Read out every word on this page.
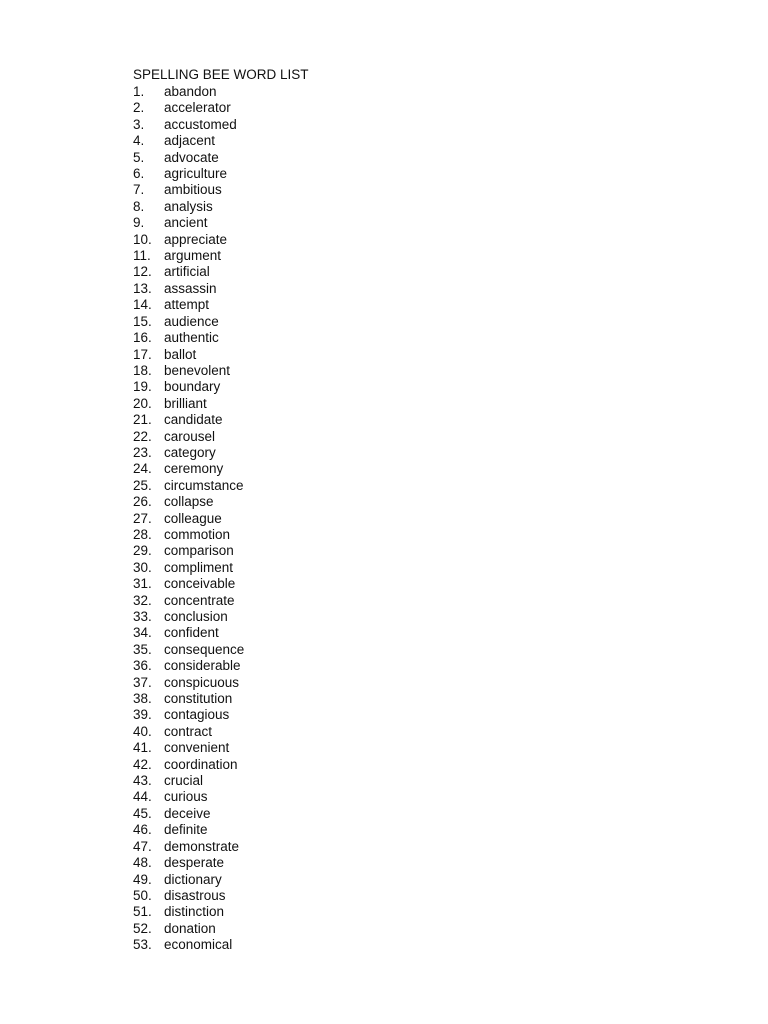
SPELLING BEE WORD LIST
1.	abandon
2.	accelerator
3.	accustomed
4.	adjacent
5.	advocate
6.	agriculture
7.	ambitious
8.	analysis
9.	ancient
10. appreciate
11. argument
12. artificial
13. assassin
14. attempt
15. audience
16. authentic
17. ballot
18. benevolent
19. boundary
20. brilliant
21. candidate
22. carousel
23. category
24. ceremony
25. circumstance
26. collapse
27. colleague
28. commotion
29. comparison
30. compliment
31. conceivable
32. concentrate
33. conclusion
34. confident
35. consequence
36. considerable
37. conspicuous
38. constitution
39. contagious
40. contract
41. convenient
42. coordination
43. crucial
44. curious
45. deceive
46. definite
47. demonstrate
48. desperate
49. dictionary
50. disastrous
51. distinction
52. donation
53. economical
